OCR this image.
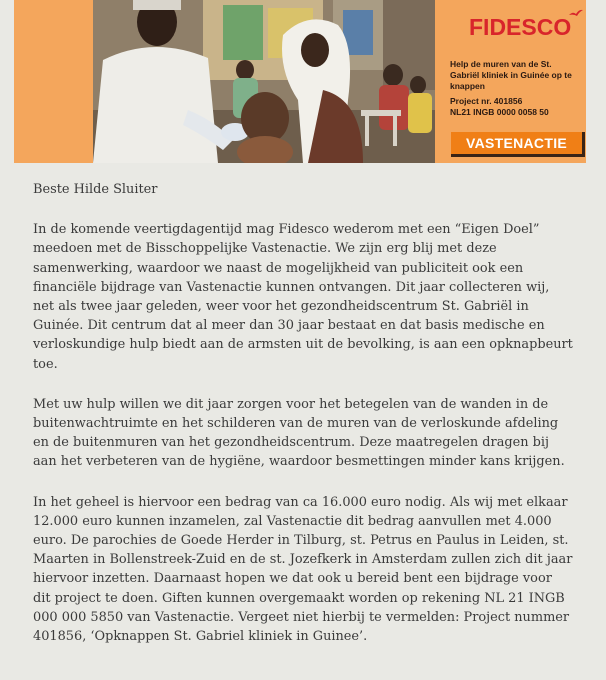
FIDESCO
Help de muren van de St. Gabriël kliniek in Guinée op te knappen
Project nr. 401856
NL21 INGB 0000 0058 50
VASTENACTIE

Beste Hilde Sluiter

In de komende veertigdagentijd mag Fidesco wederom met een “Eigen Doel” meedoen met de Bisschoppelijke Vastenactie. We zijn erg blij met deze samenwerking, waardoor we naast de mogelijkheid van publiciteit ook een financiële bijdrage van Vastenactie kunnen ontvangen. Dit jaar collecteren wij, net als twee jaar geleden, weer voor het gezondheidscentrum St. Gabriël in Guinée. Dit centrum dat al meer dan 30 jaar bestaat en dat basis medische en verloskundige hulp biedt aan de armsten uit de bevolking, is aan een opknapbeurt toe.

Met uw hulp willen we dit jaar zorgen voor het betegelen van de wanden in de buitenwachtruimte en het schilderen van de muren van de verloskunde afdeling en de buitenmuren van het gezondheidscentrum. Deze maatregelen dragen bij aan het verbeteren van de hygiëne, waardoor besmettingen minder kans krijgen.

In het geheel is hiervoor een bedrag van ca 16.000 euro nodig. Als wij met elkaar 12.000 euro kunnen inzamelen, zal Vastenactie dit bedrag aanvullen met 4.000 euro. De parochies de Goede Herder in Tilburg, st. Petrus en Paulus in Leiden, st. Maarten in Bollenstreek-Zuid en de st. Jozefkerk in Amsterdam zullen zich dit jaar hiervoor inzetten. Daarnaast hopen we dat ook u bereid bent een bijdrage voor dit project te doen. Giften kunnen overgemaakt worden op rekening NL 21 INGB 000 000 5850 van Vastenactie. Vergeet niet hierbij te vermelden: Project nummer 401856, ‘Opknappen St. Gabriel kliniek in Guinee’.
